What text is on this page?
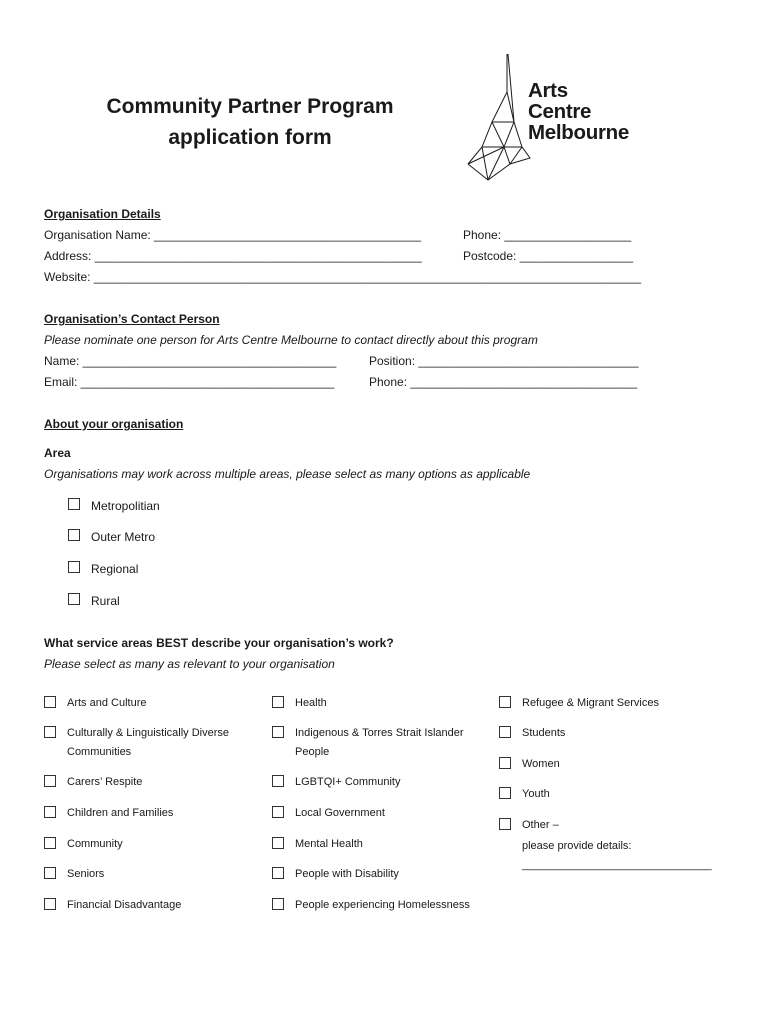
Community Partner Program
application form
Arts
Centre
Melbourne
Organisation Details
Organisation Name: ________________________________________	Phone: ___________________
Address: _________________________________________________	Postcode: _________________
Website: __________________________________________________________________________________
Organisation’s Contact Person
Please nominate one person for Arts Centre Melbourne to contact directly about this program
Name: ______________________________________	Position: _________________________________
Email: ______________________________________	Phone: __________________________________
About your organisation
Area
Organisations may work across multiple areas, please select as many options as applicable
Metropolitian
Outer Metro
Regional
Rural
What service areas BEST describe your organisation’s work?
Please select as many as relevant to your organisation
Arts and Culture
Culturally & Linguistically Diverse
Communities
Carers’ Respite
Children and Families
Community
Seniors
Financial Disadvantage
Health
Indigenous & Torres Strait Islander
People
LGBTQI+ Community
Local Government
Mental Health
People with Disability
People experiencing Homelessness
Refugee & Migrant Services
Students
Women
Youth
Other –
please provide details:
_______________________________
